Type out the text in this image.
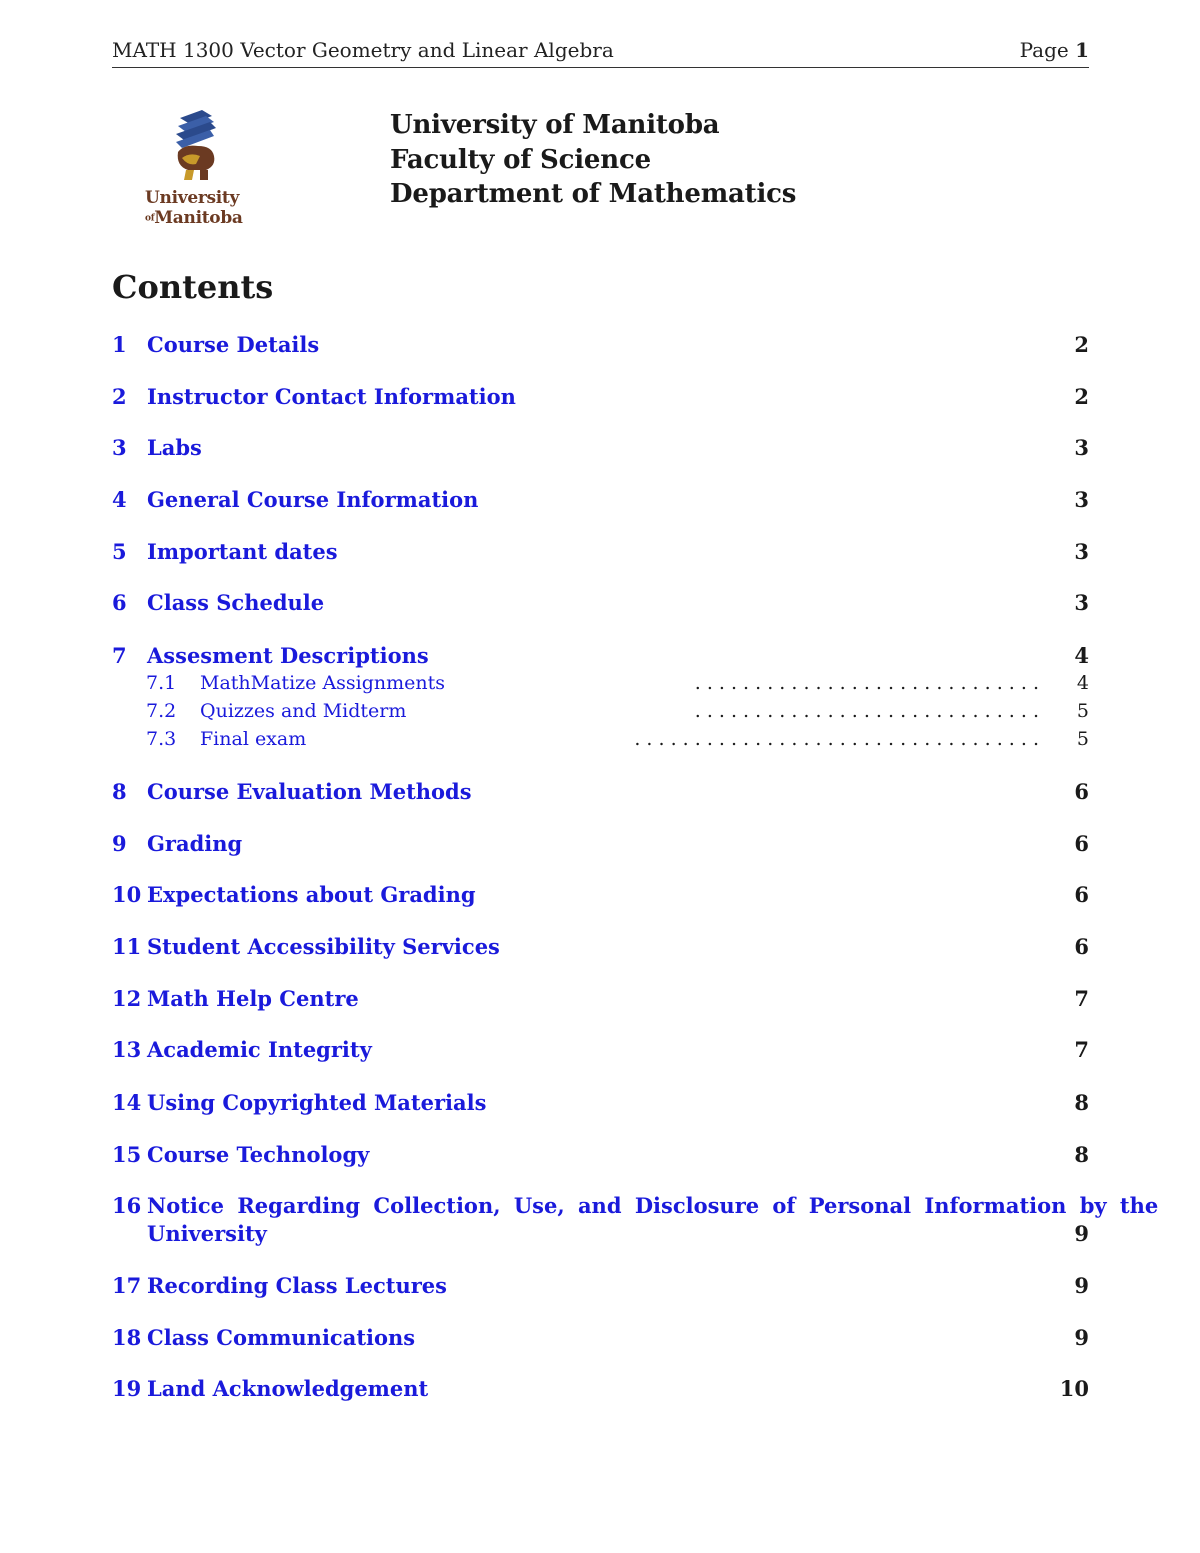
MATH 1300 Vector Geometry and Linear Algebra	Page 1
University
ofManitoba
University of Manitoba
Faculty of Science
Department of Mathematics
Contents
1 Course Details	2
2 Instructor Contact Information	2
3 Labs	3
4 General Course Information	3
5 Important dates	3
6 Class Schedule	3
7 Assesment Descriptions	4
7.1 MathMatize Assignments	. . . . . . . . . . . . . . . . . . . . . . . . . . . . . 4
7.2 Quizzes and Midterm	. . . . . . . . . . . . . . . . . . . . . . . . . . . . . 5
7.3 Final exam	. . . . . . . . . . . . . . . . . . . . . . . . . . . . . . . . . . 5
8 Course Evaluation Methods	6
9 Grading	6
10 Expectations about Grading	6
11 Student Accessibility Services	6
12 Math Help Centre	7
13 Academic Integrity	7
14 Using Copyrighted Materials	8
15 Course Technology	8
16 Notice Regarding Collection, Use, and Disclosure of Personal Information by the
University	9
17 Recording Class Lectures	9
18 Class Communications	9
19 Land Acknowledgement	10
